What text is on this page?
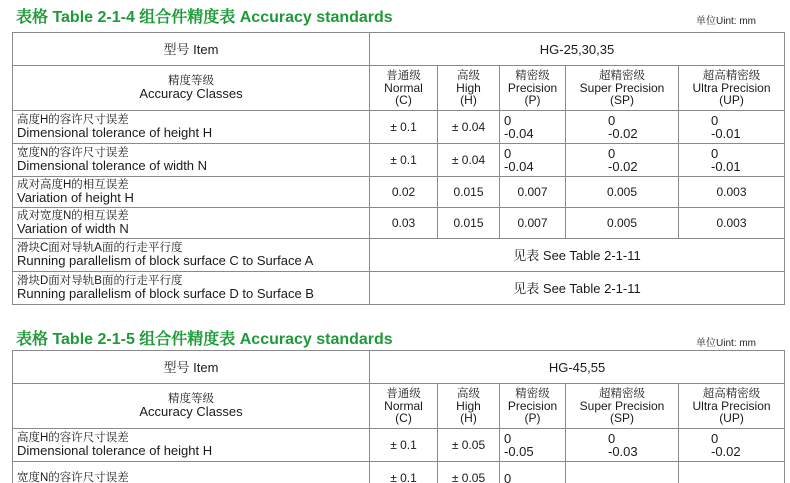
表格 Table 2-1-4 组合件精度表 Accuracy standards	单位Uint: mm
型号 Item	HG-25,30,35				

精度等级
Accuracy Classes	普通级
Normal
(C)	高级
High
(H)	精密级
Precision
(P)	超精密级
Super Precision
(SP)	超高精密级
Ultra Precision
(UP)

高度H的容许尺寸误差
Dimensional tolerance of height H	± 0.1	± 0.04	0
-0.04	0
-0.02	0
-0.01

宽度N的容许尺寸误差
Dimensional tolerance of width N	± 0.1	± 0.04	0
-0.04	0
-0.02	0
-0.01

成对高度H的相互误差
Variation of height H	0.02	0.015	0.007	0.005	0.003

成对宽度N的相互误差
Variation of width N	0.03	0.015	0.007	0.005	0.003

滑块C面对导轨A面的行走平行度
Running parallelism of block surface C to Surface A	见表 See Table 2-1-11				

滑块D面对导轨B面的行走平行度
Running parallelism of block surface D to Surface B	见表 See Table 2-1-11				
表格 Table 2-1-5 组合件精度表 Accuracy standards	单位Uint: mm
型号 Item	HG-45,55				

精度等级
Accuracy Classes	普通级
Normal
(C)	高级
High
(H)	精密级
Precision
(P)	超精密级
Super Precision
(SP)	超高精密级
Ultra Precision
(UP)

高度H的容许尺寸误差
Dimensional tolerance of height H	± 0.1	± 0.05	0
-0.05	0
-0.03	0
-0.02

宽度N的容许尺寸误差	± 0.1	± 0.05	0		
